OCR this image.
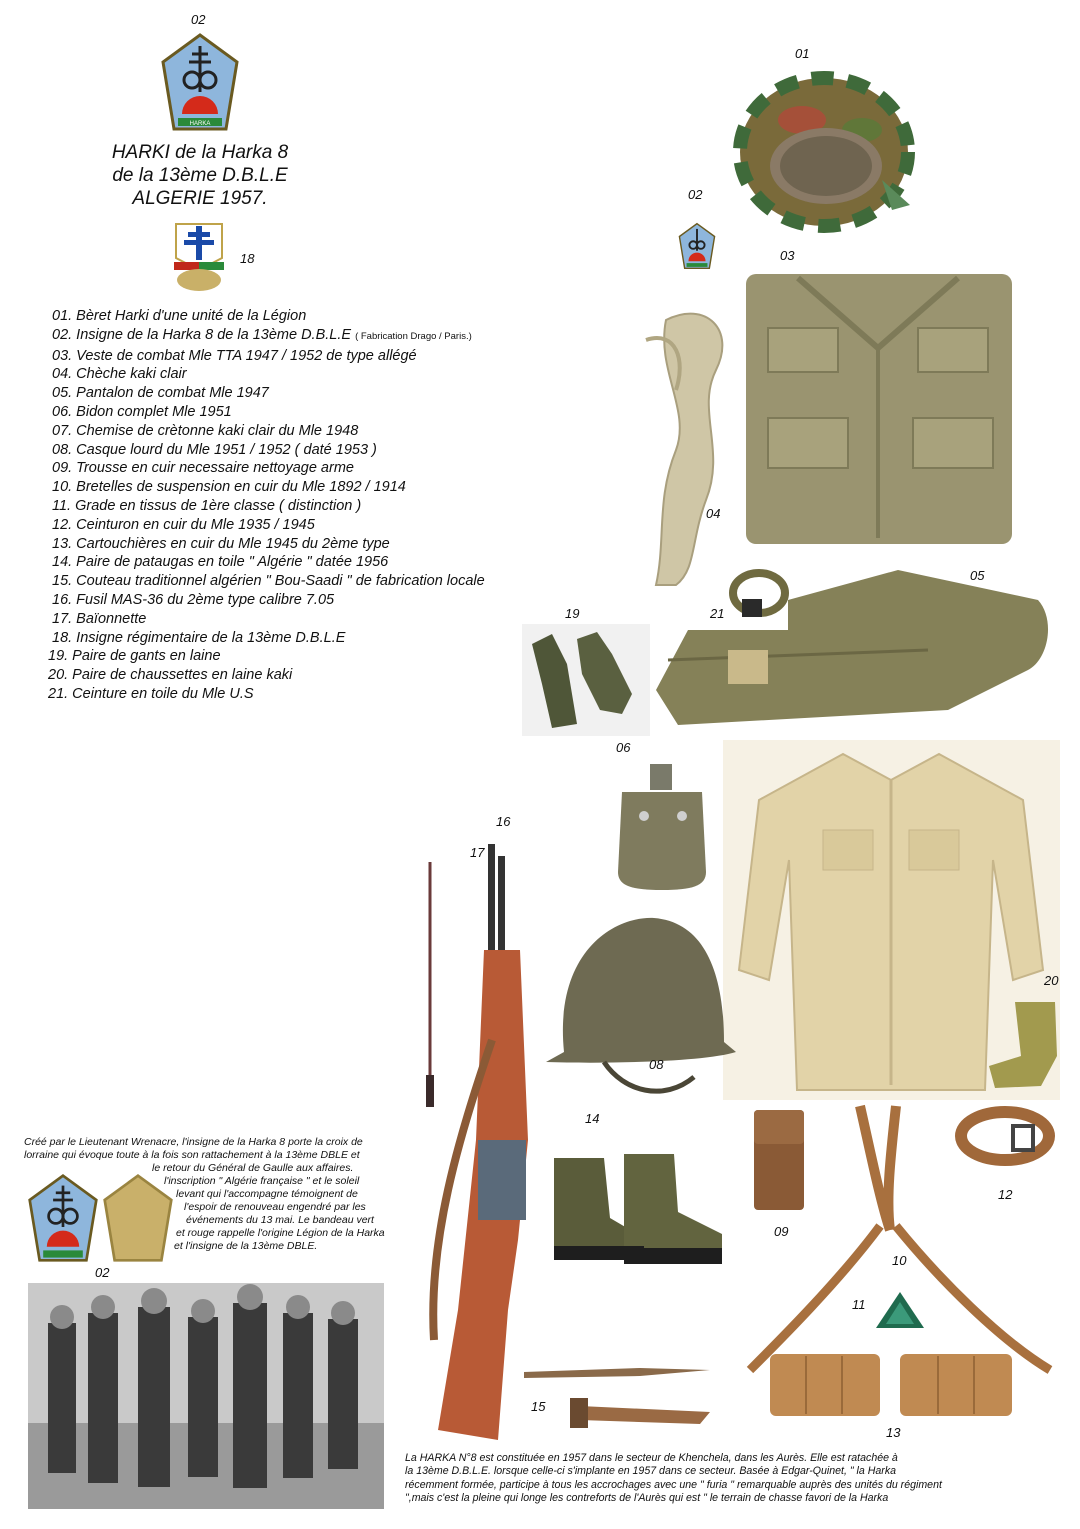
02
HARKA
HARKI de la Harka 8
de la 13ème D.B.L.E
ALGERIE 1957.
18
01. Bèret Harki d'une unité de la Légion
02. Insigne de la Harka 8 de la 13ème D.B.L.E ( Fabrication Drago / Paris.)
03. Veste de combat Mle TTA 1947 / 1952 de type allégé
04. Chèche kaki clair
05. Pantalon de combat Mle 1947
06. Bidon complet Mle 1951
07. Chemise de crètonne kaki clair du Mle 1948
08. Casque lourd du Mle 1951 / 1952 ( daté 1953 )
09. Trousse en cuir necessaire nettoyage arme
10. Bretelles de suspension en cuir du Mle 1892 / 1914
11. Grade en tissus de 1ère classe ( distinction )
12. Ceinturon en cuir du Mle 1935 / 1945
13. Cartouchières en cuir du Mle 1945 du 2ème type
14. Paire de pataugas en toile " Algérie " datée 1956
15. Couteau traditionnel algérien " Bou-Saadi " de fabrication locale
16. Fusil MAS-36 du 2ème type calibre 7.05
17. Baïonnette
18. Insigne régimentaire de la 13ème D.B.L.E
19. Paire de gants en laine
20. Paire de chaussettes en laine kaki
21. Ceinture en toile du Mle U.S
01
02
03
04
05
21
19
06
20
16
17
08
14
09
12
10
11
13
15
Créé par le Lieutenant Wrenacre, l'insigne de la Harka 8 porte la croix de
lorraine qui évoque toute à la fois son rattachement à la 13ème DBLE et
le retour du Général de Gaulle aux affaires.
l'inscription " Algérie française " et le soleil
levant qui l'accompagne témoignent de
l'espoir de renouveau engendré par les
événements du 13 mai. Le bandeau vert
et rouge rappelle l'origine Légion de la Harka
et l'insigne de la 13ème DBLE.
02
La HARKA N°8 est constituée en 1957 dans le secteur de Khenchela, dans les Aurès. Elle est ratachée à
la 13ème D.B.L.E. lorsque celle-ci s'implante en 1957 dans ce secteur. Basée à Edgar-Quinet, " la Harka
récemment formée, participe à tous les accrochages avec une " furia " remarquable auprès des unités du régiment
",mais c'est la pleine qui longe les contreforts de l'Aurès qui est " le terrain de chasse favori de la Harka
